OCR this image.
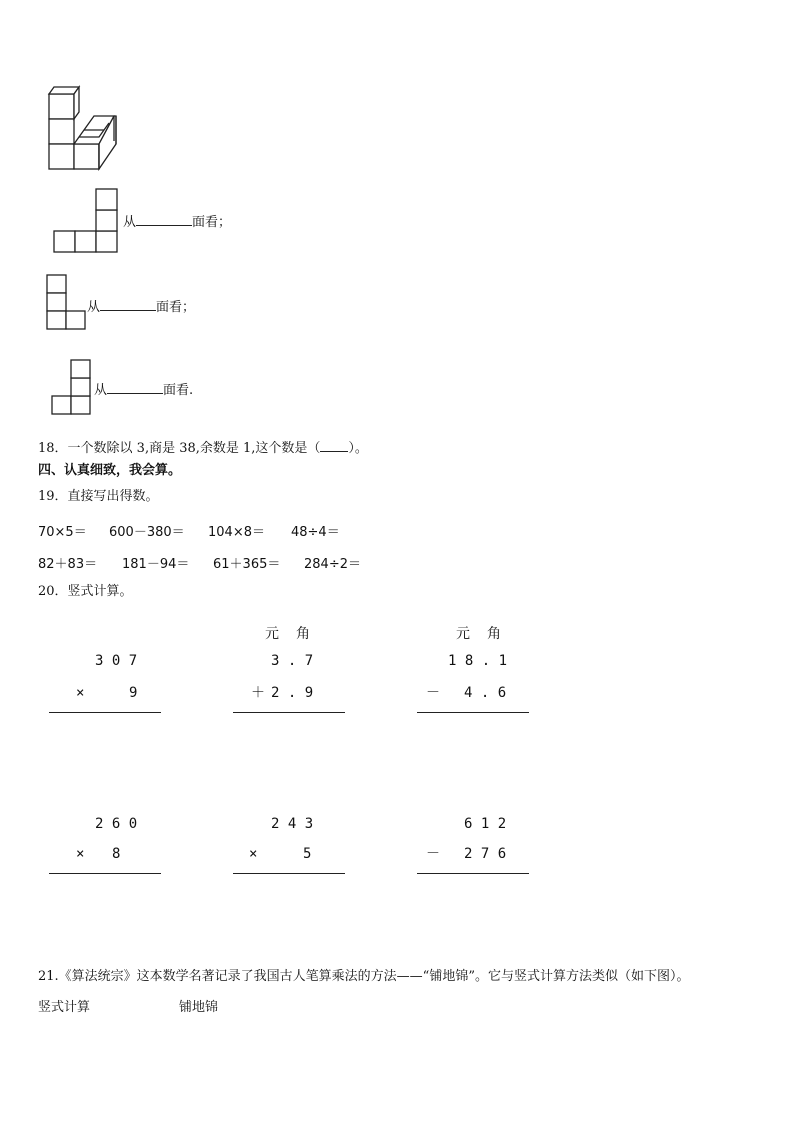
从	面看；
从	面看；
从	面看.
18．一个数除以 3,商是 38,余数是 1,这个数是（ ）。
四、认真细致，我会算。
19．直接写出得数。
70×5＝ 600－380＝ 104×8＝ 48÷4＝
82＋83＝ 181－94＝ 61＋365＝ 284÷2＝
20．竖式计算。
元 角	元 角
3 0 7
×	9
3 . 7
＋ 2 . 9
1 8 . 1
－ 4 . 6
2 6 0
× 8
2 4 3
×	5
6 1 2
－ 2 7 6
21.《算法统宗》这本数学名著记录了我国古人笔算乘法的方法——“铺地锦”。它与竖式计算方法类似（如下图）。
竖式计算	铺地锦
